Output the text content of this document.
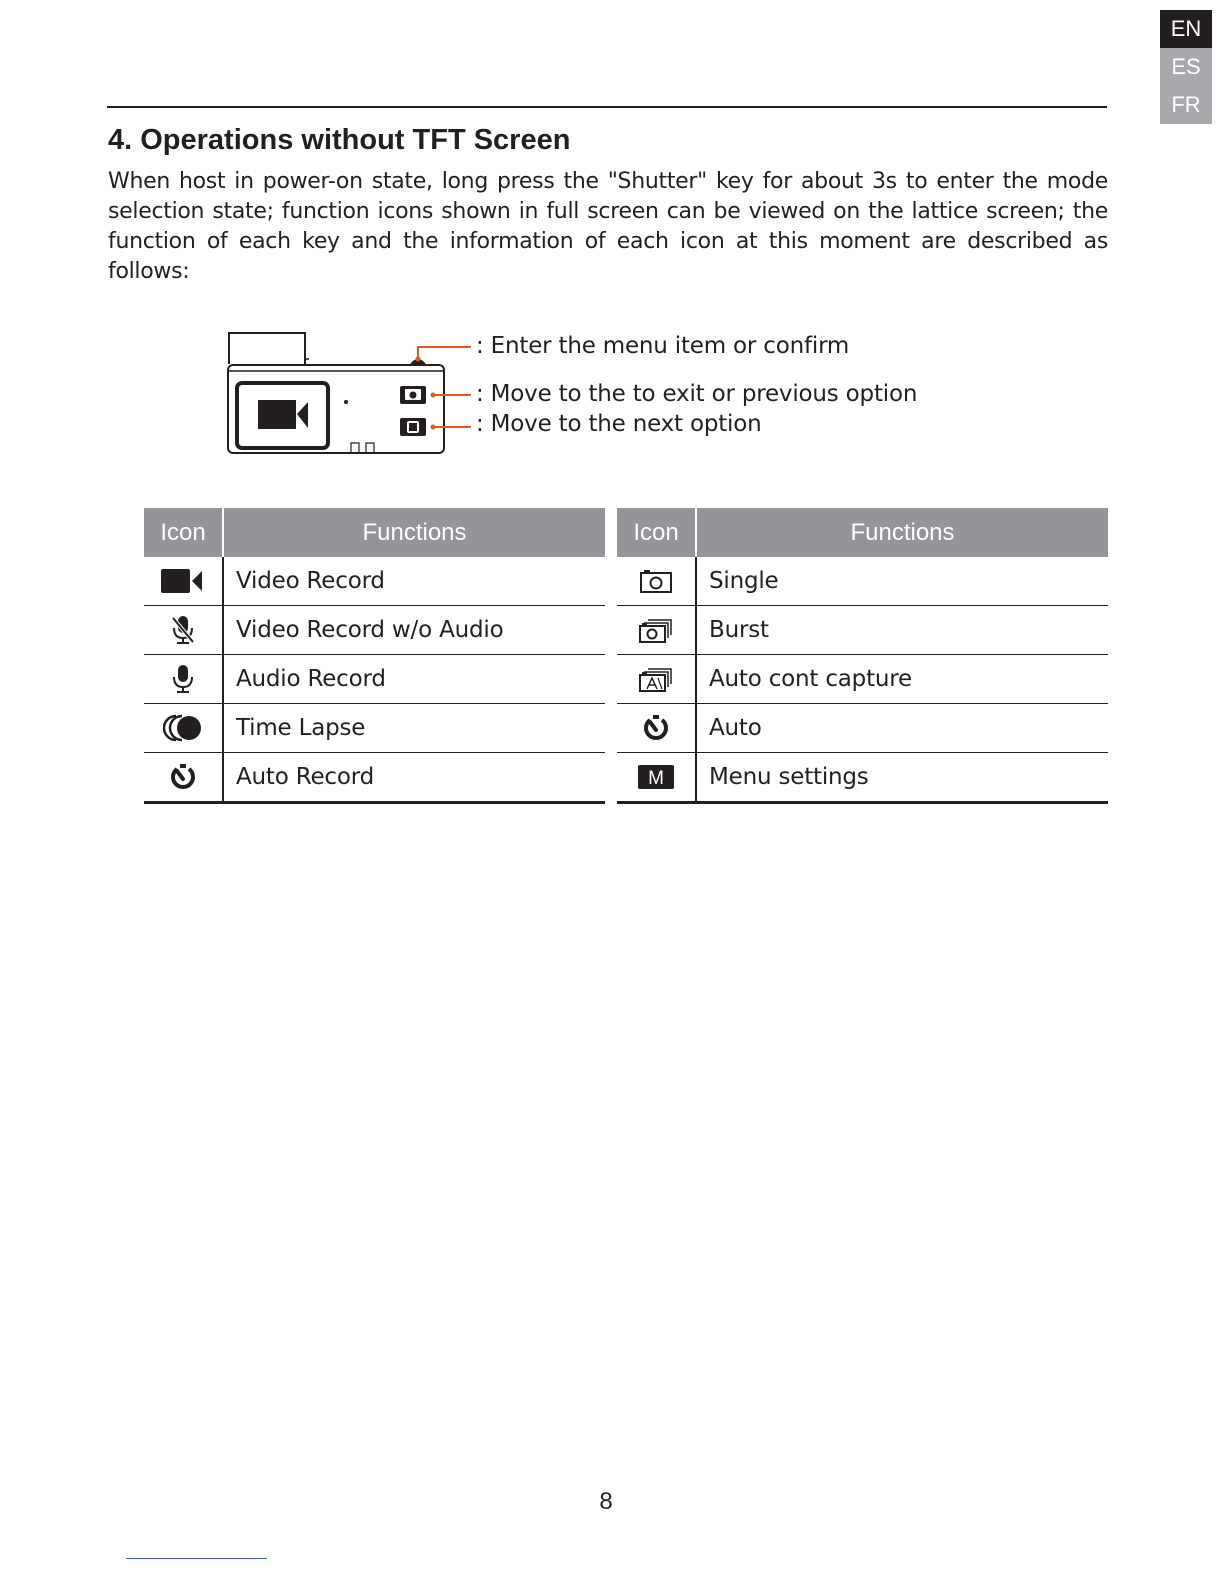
EN
ES
FR
4. Operations without TFT Screen

When host in power-on state, long press the "Shutter" key for about 3s to enter the mode selection state; function icons shown in full screen can be viewed on the lattice screen; the function of each key and the information of each icon at this moment are described as follows:

: Enter the menu item or confirm
: Move to the to exit or previous option
: Move to the next option
Icon	Functions

	Video Record

	Video Record w/o Audio

	Audio Record

	Time Lapse

	Auto Record
Icon	Functions

	Single

	Burst

	Auto cont capture

	Auto

M	Menu settings
8
